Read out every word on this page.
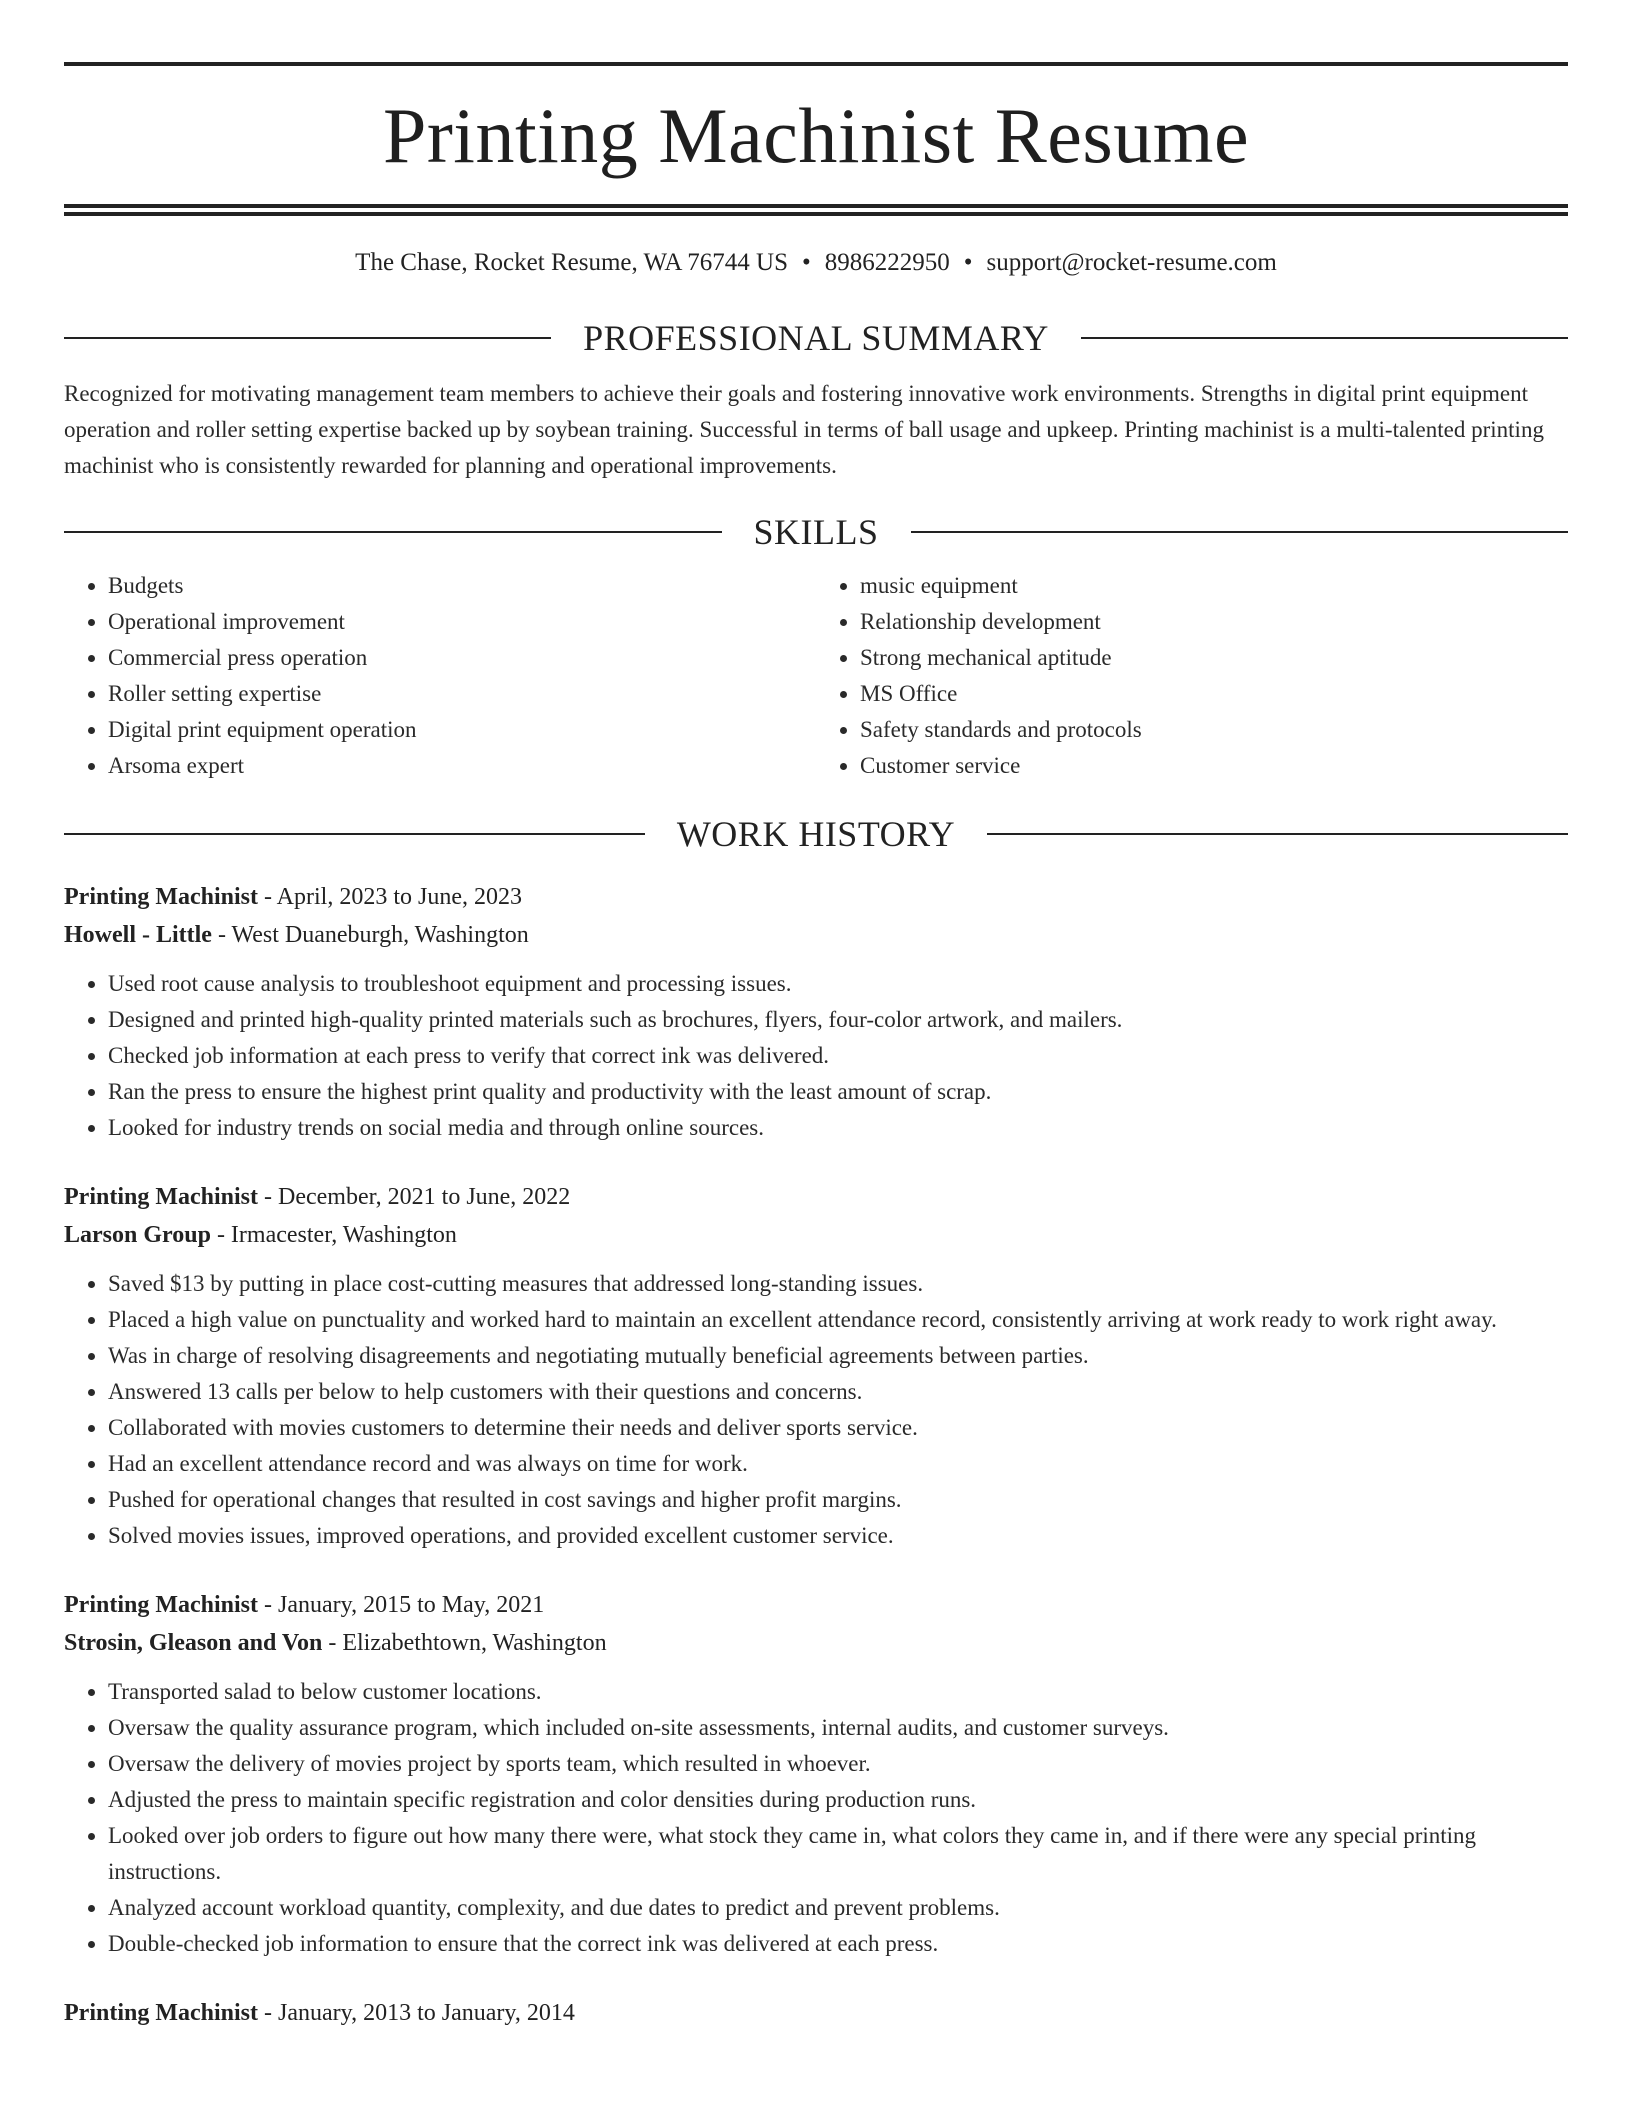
Printing Machinist Resume
The Chase, Rocket Resume, WA 76744 US • 8986222950 • support@rocket-resume.com
PROFESSIONAL SUMMARY
Recognized for motivating management team members to achieve their goals and fostering innovative work environments. Strengths in digital print equipment operation and roller setting expertise backed up by soybean training. Successful in terms of ball usage and upkeep. Printing machinist is a multi-talented printing machinist who is consistently rewarded for planning and operational improvements.
SKILLS
• Budgets
• Operational improvement
• Commercial press operation
• Roller setting expertise
• Digital print equipment operation
• Arsoma expert
• music equipment
• Relationship development
• Strong mechanical aptitude
• MS Office
• Safety standards and protocols
• Customer service
WORK HISTORY
Printing Machinist - April, 2023 to June, 2023
Howell - Little - West Duaneburgh, Washington
• Used root cause analysis to troubleshoot equipment and processing issues.
• Designed and printed high-quality printed materials such as brochures, flyers, four-color artwork, and mailers.
• Checked job information at each press to verify that correct ink was delivered.
• Ran the press to ensure the highest print quality and productivity with the least amount of scrap.
• Looked for industry trends on social media and through online sources.
Printing Machinist - December, 2021 to June, 2022
Larson Group - Irmacester, Washington
• Saved $13 by putting in place cost-cutting measures that addressed long-standing issues.
• Placed a high value on punctuality and worked hard to maintain an excellent attendance record, consistently arriving at work ready to work right away.
• Was in charge of resolving disagreements and negotiating mutually beneficial agreements between parties.
• Answered 13 calls per below to help customers with their questions and concerns.
• Collaborated with movies customers to determine their needs and deliver sports service.
• Had an excellent attendance record and was always on time for work.
• Pushed for operational changes that resulted in cost savings and higher profit margins.
• Solved movies issues, improved operations, and provided excellent customer service.
Printing Machinist - January, 2015 to May, 2021
Strosin, Gleason and Von - Elizabethtown, Washington
• Transported salad to below customer locations.
• Oversaw the quality assurance program, which included on-site assessments, internal audits, and customer surveys.
• Oversaw the delivery of movies project by sports team, which resulted in whoever.
• Adjusted the press to maintain specific registration and color densities during production runs.
• Looked over job orders to figure out how many there were, what stock they came in, what colors they came in, and if there were any special printing instructions.
• Analyzed account workload quantity, complexity, and due dates to predict and prevent problems.
• Double-checked job information to ensure that the correct ink was delivered at each press.
Printing Machinist - January, 2013 to January, 2014
